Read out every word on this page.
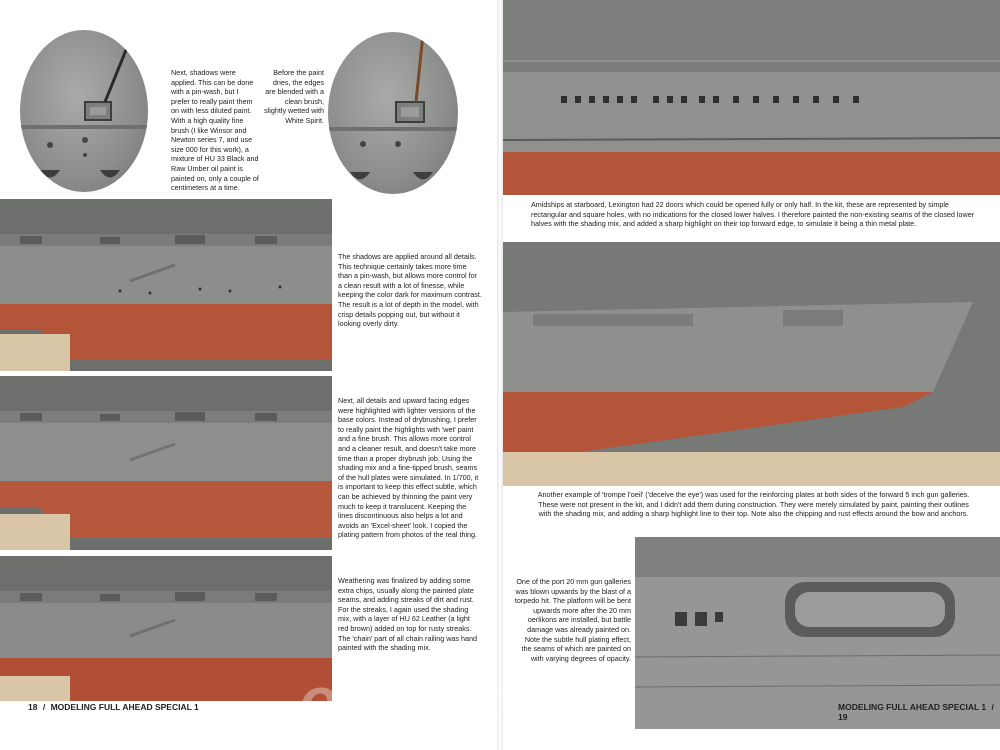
Next, shadows were applied. This can be done with a pin-wash, but I prefer to really paint them on with less diluted paint. With a high quality fine brush (I like Winsor and Newton series 7, and use size 000 for this work), a mixture of HU 33 Black and Raw Umber oil paint is painted on, only a couple of centimeters at a time.
Before the paint dries, the edges are blended with a clean brush, slightly wetted with White Spirit.
The shadows are applied around all details. This technique certainly takes more time than a pin-wash, but allows more control for a clean result with a lot of finesse, while keeping the color dark for maximum contrast. The result is a lot of depth in the model, with crisp details popping out, but without it looking overly dirty.
Next, all details and upward facing edges were highlighted with lighter versions of the base colors. Instead of drybrushing, I prefer to really paint the highlights with 'wet' paint and a fine brush. This allows more control and a cleaner result, and doesn't take more time than a proper drybrush job. Using the shading mix and a fine-tipped brush, seams of the hull plates were simulated. In 1/700, it is important to keep this effect subtle, which can be achieved by thinning the paint very much to keep it translucent. Keeping the lines discontinuous also helps a lot and avoids an 'Excel-sheet' look. I copied the plating pattern from photos of the real thing.
Weathering was finalized by adding some extra chips, usually along the painted plate seams, and adding streaks of dirt and rust. For the streaks, I again used the shading mix, with a layer of HU 62 Leather (a light red brown) added on top for rusty streaks. The 'chain' part of all chain railing was hand painted with the shading mix.
18 / MODELING FULL AHEAD SPECIAL 1
Amidships at starboard, Lexington had 22 doors which could be opened fully or only half. In the kit, these are represented by simple rectangular and square holes, with no indications for the closed lower halves. I therefore painted the non-existing seams of the closed lower halves with the shading mix, and added a sharp highlight on their top forward edge, to simulate it being a thin metal plate.
Another example of 'trompe l'oeil' ('deceive the eye') was used for the reinforcing plates at both sides of the forward 5 inch gun galleries. These were not present in the kit, and I didn't add them during construction. They were merely simulated by paint, painting their outlines with the shading mix, and adding a sharp highlight line to their top. Note also the chipping and rust effects around the bow and anchors.
One of the port 20 mm gun galleries was blown upwards by the blast of a torpedo hit. The platform will be bent upwards more after the 20 mm oerlikons are installed, but battle damage was already painted on. Note the subtle hull plating effect, the seams of which are painted on with varying degrees of opacity.
MODELING FULL AHEAD SPECIAL 1 / 19
O MODEL
